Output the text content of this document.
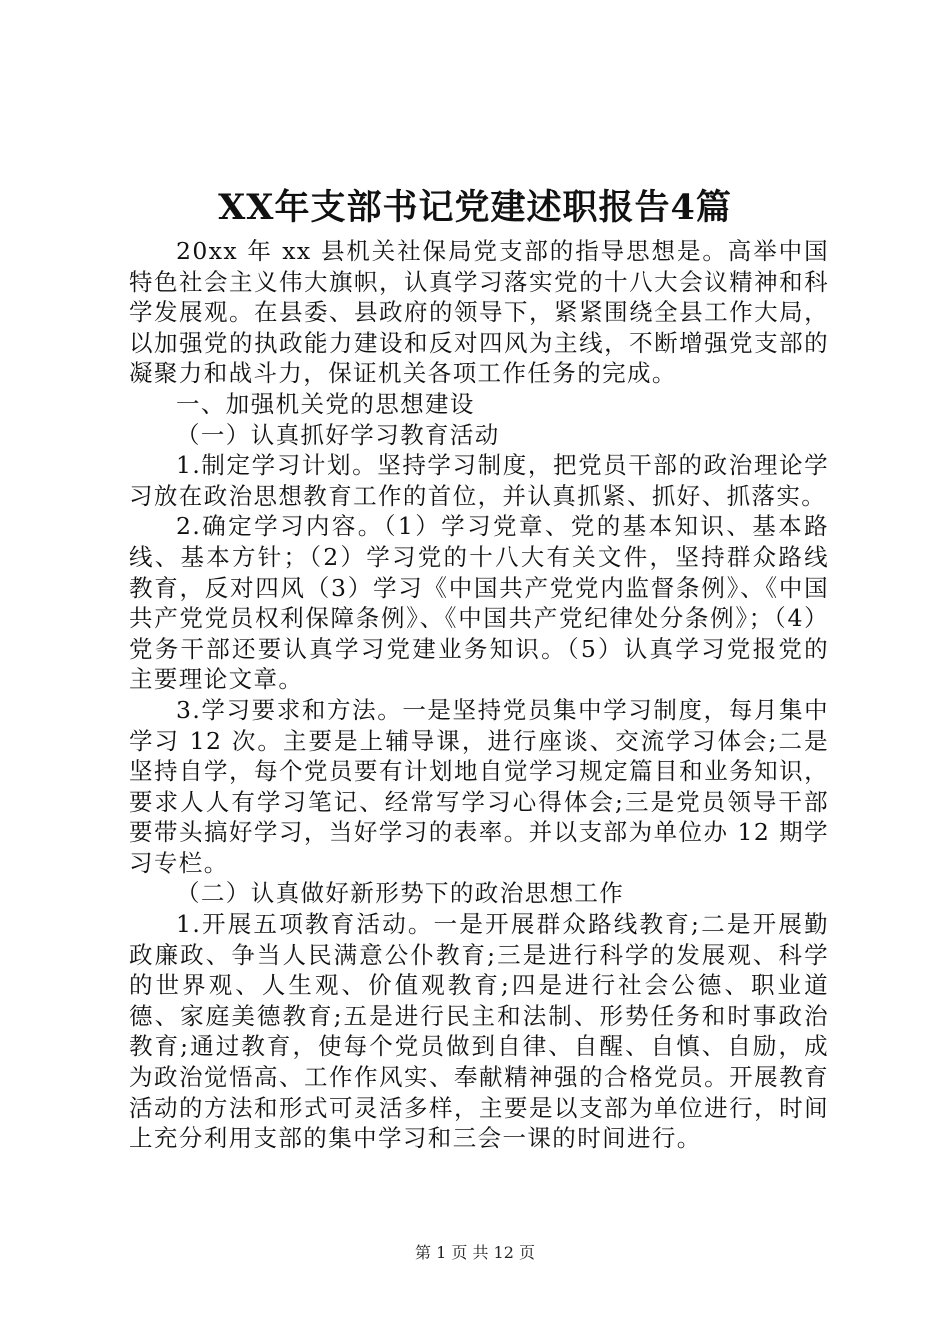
XX年支部书记党建述职报告4篇

20xx 年 xx 县机关社保局党支部的指导思想是。高举中国特色社会主义伟大旗帜，认真学习落实党的十八大会议精神和科学发展观。在县委、县政府的领导下，紧紧围绕全县工作大局，以加强党的执政能力建设和反对四风为主线，不断增强党支部的凝聚力和战斗力，保证机关各项工作任务的完成。

一、加强机关党的思想建设

（一）认真抓好学习教育活动

1.制定学习计划。坚持学习制度，把党员干部的政治理论学习放在政治思想教育工作的首位，并认真抓紧、抓好、抓落实。

2.确定学习内容。（1）学习党章、党的基本知识、基本路线、基本方针；（2）学习党的十八大有关文件，坚持群众路线教育，反对四风（3）学习《中国共产党党内监督条例》、《中国共产党党员权利保障条例》、《中国共产党纪律处分条例》；（4）党务干部还要认真学习党建业务知识。（5）认真学习党报党的主要理论文章。

3.学习要求和方法。一是坚持党员集中学习制度，每月集中学习 12 次。主要是上辅导课，进行座谈、交流学习体会;二是坚持自学，每个党员要有计划地自觉学习规定篇目和业务知识，要求人人有学习笔记、经常写学习心得体会;三是党员领导干部要带头搞好学习，当好学习的表率。并以支部为单位办 12 期学习专栏。

（二）认真做好新形势下的政治思想工作

1.开展五项教育活动。一是开展群众路线教育;二是开展勤政廉政、争当人民满意公仆教育;三是进行科学的发展观、科学的世界观、人生观、价值观教育;四是进行社会公德、职业道德、家庭美德教育;五是进行民主和法制、形势任务和时事政治教育;通过教育，使每个党员做到自律、自醒、自慎、自励，成为政治觉悟高、工作作风实、奉献精神强的合格党员。开展教育活动的方法和形式可灵活多样，主要是以支部为单位进行，时间上充分利用支部的集中学习和三会一课的时间进行。

第 1 页 共 12 页
